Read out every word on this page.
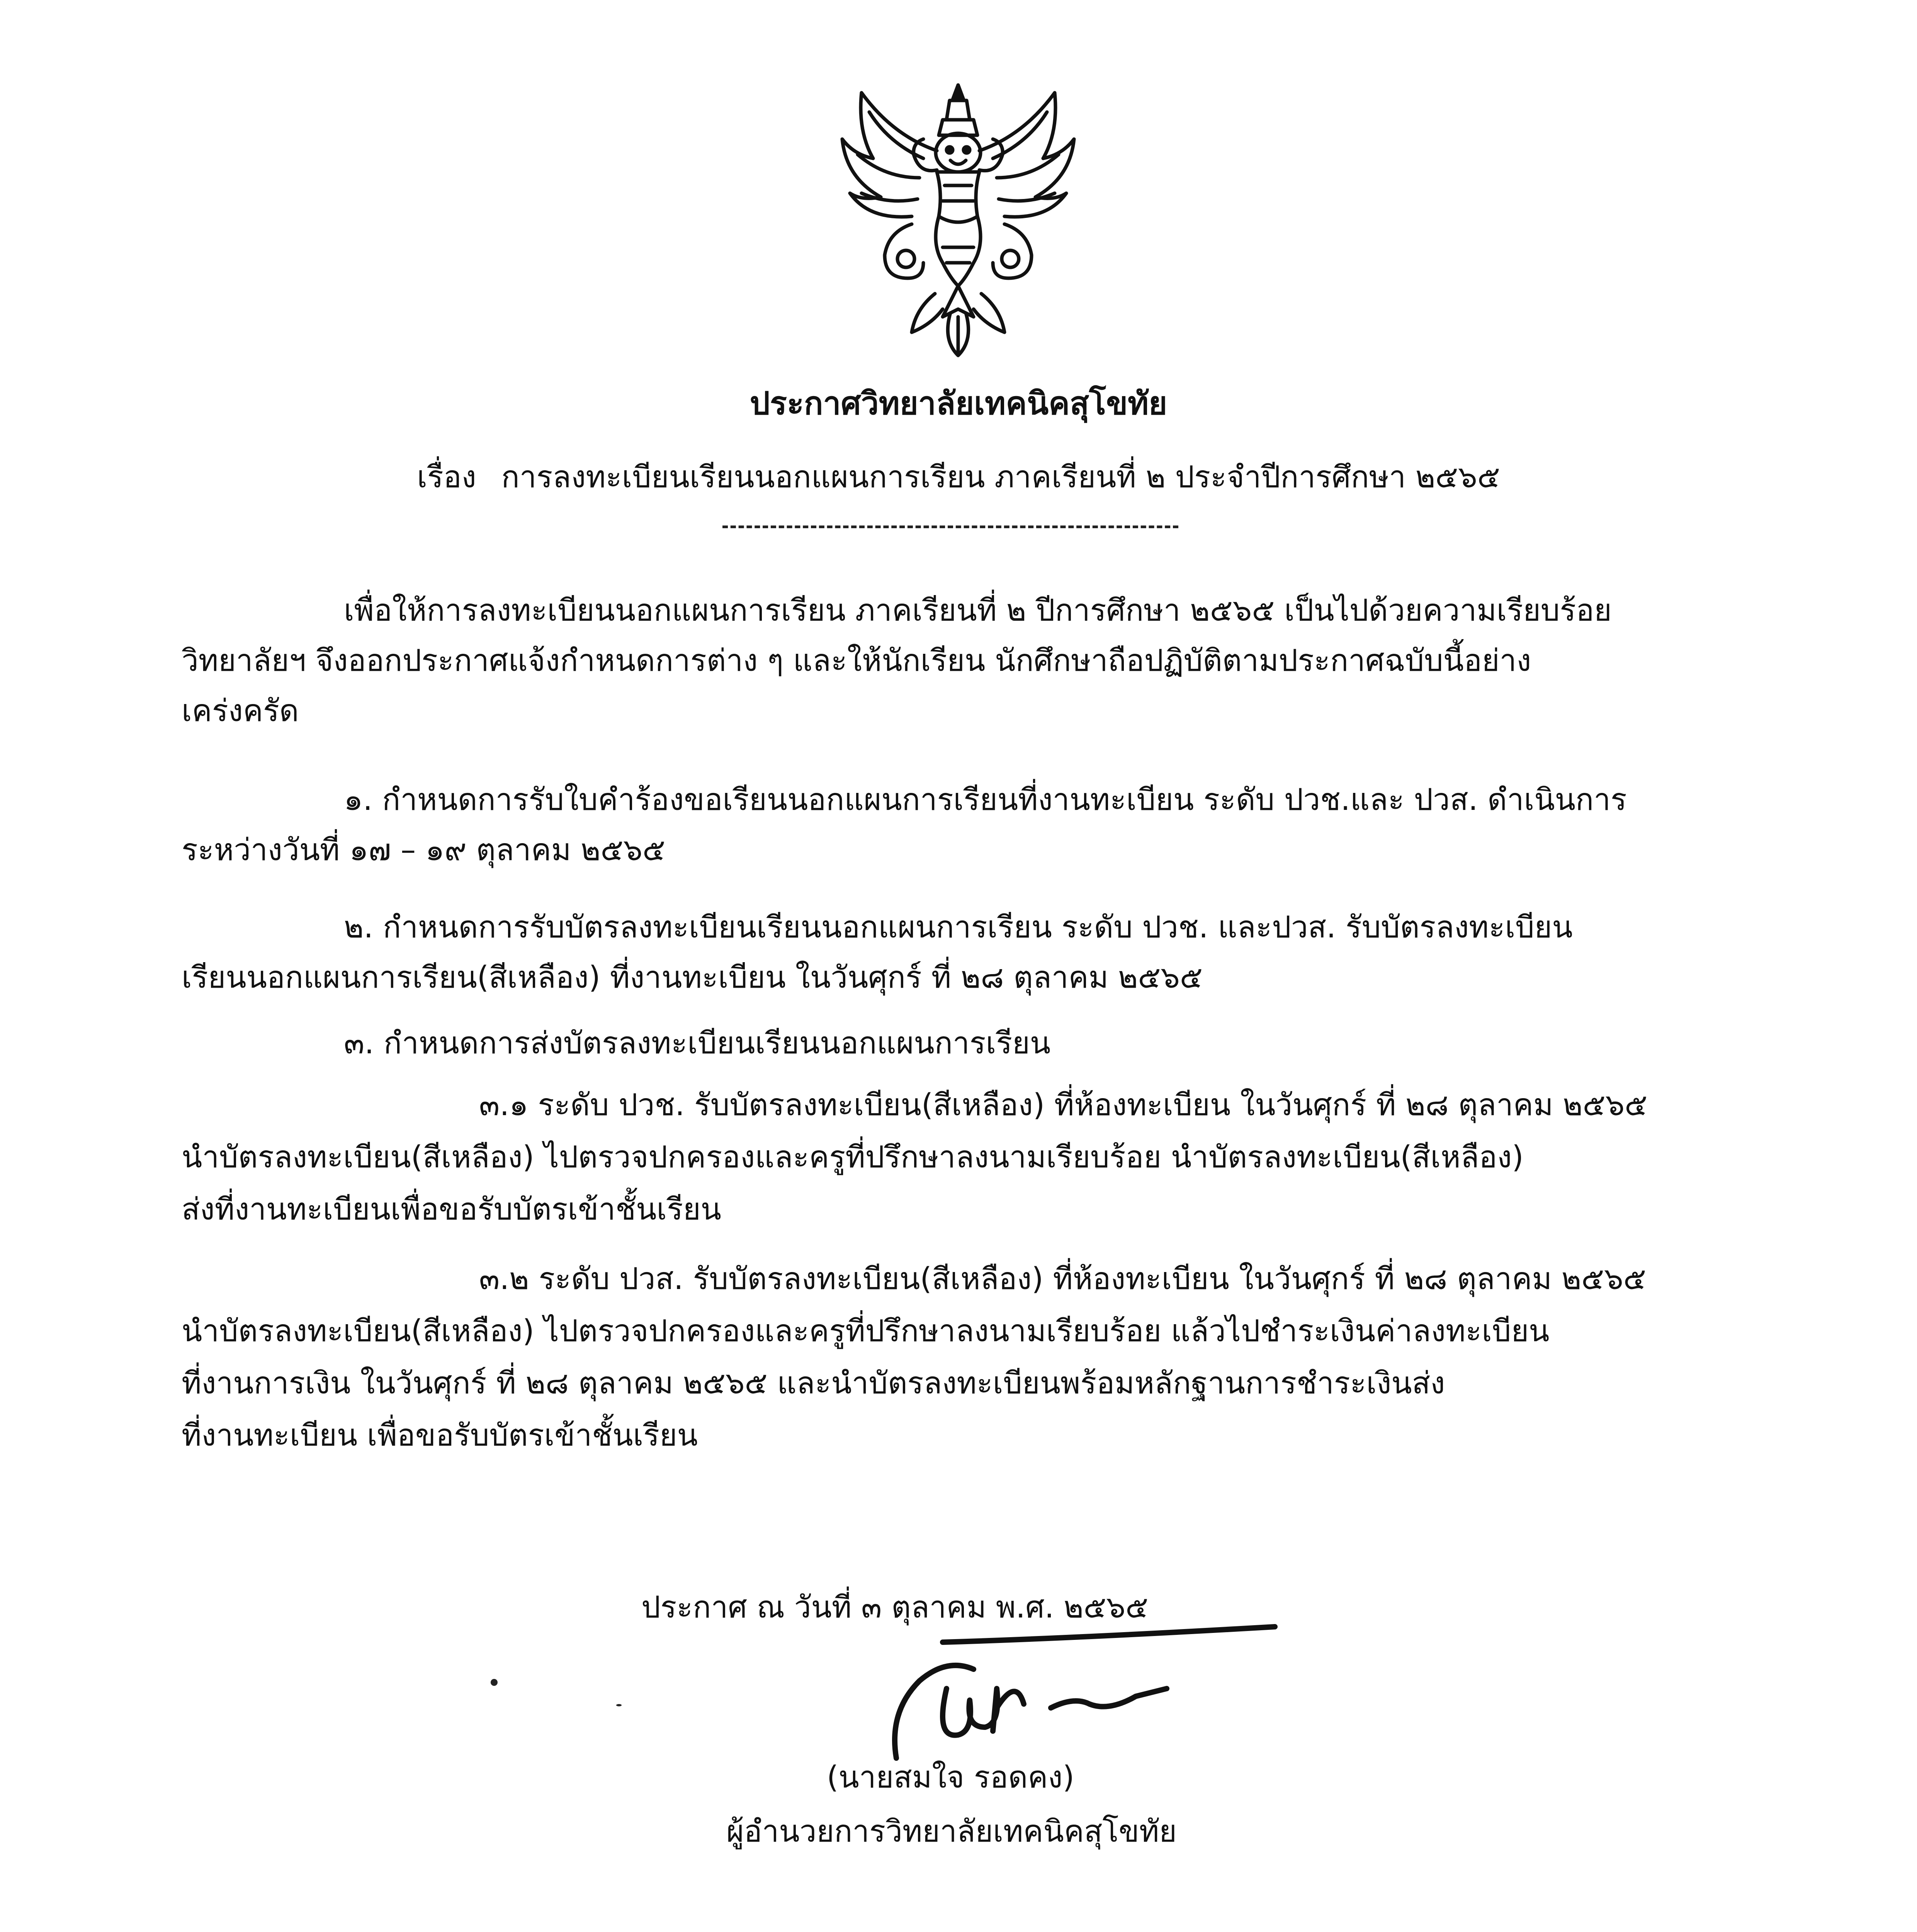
ประกาศวิทยาลัยเทคนิคสุโขทัย
เรื่อง การลงทะเบียนเรียนนอกแผนการเรียน ภาคเรียนที่ ๒ ประจำปีการศึกษา ๒๕๖๕
เพื่อให้การลงทะเบียนนอกแผนการเรียน ภาคเรียนที่ ๒ ปีการศึกษา ๒๕๖๕ เป็นไปด้วยความเรียบร้อย
วิทยาลัยฯ จึงออกประกาศแจ้งกำหนดการต่าง ๆ และให้นักเรียน นักศึกษาถือปฏิบัติตามประกาศฉบับนี้อย่าง
เคร่งครัด
๑. กำหนดการรับใบคำร้องขอเรียนนอกแผนการเรียนที่งานทะเบียน ระดับ ปวช.และ ปวส. ดำเนินการ
ระหว่างวันที่ ๑๗ – ๑๙ ตุลาคม ๒๕๖๕
๒. กำหนดการรับบัตรลงทะเบียนเรียนนอกแผนการเรียน ระดับ ปวช. และปวส. รับบัตรลงทะเบียน
เรียนนอกแผนการเรียน(สีเหลือง) ที่งานทะเบียน ในวันศุกร์ ที่ ๒๘ ตุลาคม ๒๕๖๕
๓. กำหนดการส่งบัตรลงทะเบียนเรียนนอกแผนการเรียน
๓.๑ ระดับ ปวช. รับบัตรลงทะเบียน(สีเหลือง) ที่ห้องทะเบียน ในวันศุกร์ ที่ ๒๘ ตุลาคม ๒๕๖๕
นำบัตรลงทะเบียน(สีเหลือง) ไปตรวจปกครองและครูที่ปรึกษาลงนามเรียบร้อย นำบัตรลงทะเบียน(สีเหลือง)
ส่งที่งานทะเบียนเพื่อขอรับบัตรเข้าชั้นเรียน
๓.๒ ระดับ ปวส. รับบัตรลงทะเบียน(สีเหลือง) ที่ห้องทะเบียน ในวันศุกร์ ที่ ๒๘ ตุลาคม ๒๕๖๕
นำบัตรลงทะเบียน(สีเหลือง) ไปตรวจปกครองและครูที่ปรึกษาลงนามเรียบร้อย แล้วไปชำระเงินค่าลงทะเบียน
ที่งานการเงิน ในวันศุกร์ ที่ ๒๘ ตุลาคม ๒๕๖๕ และนำบัตรลงทะเบียนพร้อมหลักฐานการชำระเงินส่ง
ที่งานทะเบียน เพื่อขอรับบัตรเข้าชั้นเรียน
ประกาศ ณ วันที่ ๓ ตุลาคม พ.ศ. ๒๕๖๕
(นายสมใจ รอดคง)
ผู้อำนวยการวิทยาลัยเทคนิคสุโขทัย
